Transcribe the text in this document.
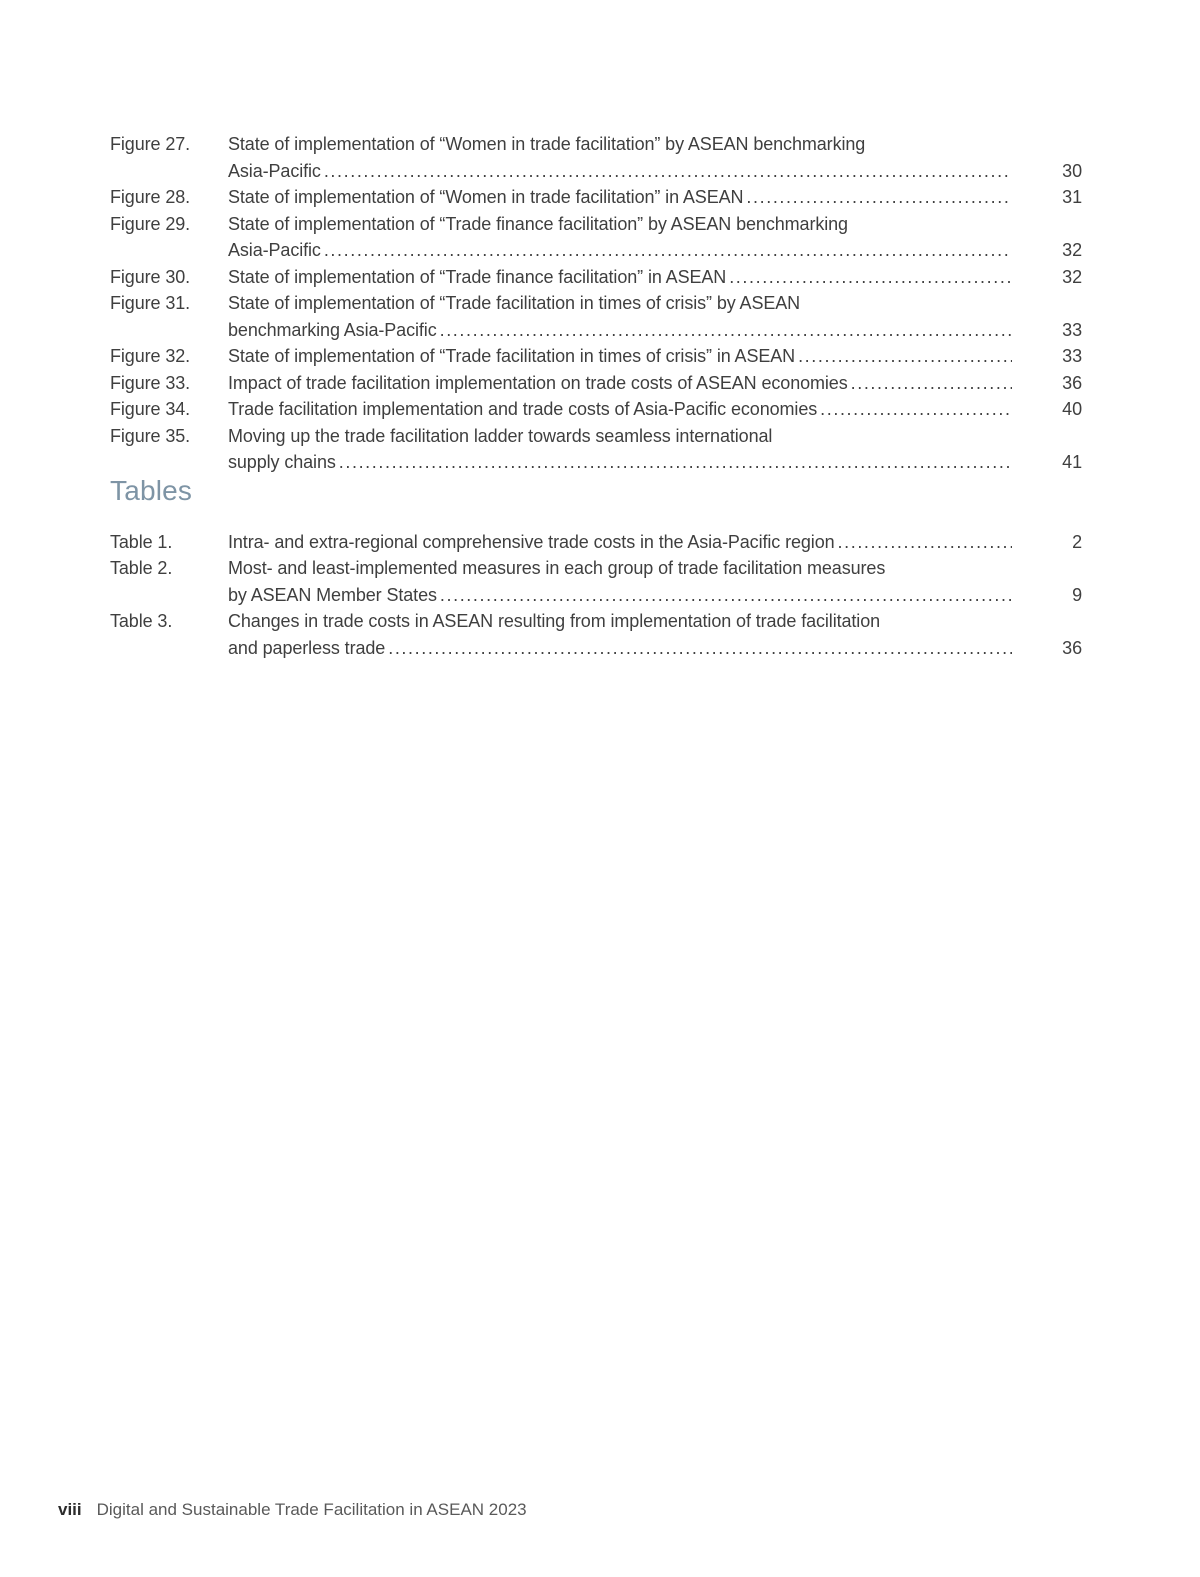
Figure 27.	State of implementation of “Women in trade facilitation” by ASEAN benchmarking
Asia-Pacific .....	30
Figure 28.	State of implementation of “Women in trade facilitation” in ASEAN .....	31
Figure 29.	State of implementation of “Trade finance facilitation” by ASEAN benchmarking
Asia-Pacific .....	32
Figure 30.	State of implementation of “Trade finance facilitation” in ASEAN .....	32
Figure 31.	State of implementation of “Trade facilitation in times of crisis” by ASEAN
benchmarking Asia-Pacific .....	33
Figure 32.	State of implementation of “Trade facilitation in times of crisis” in ASEAN .....	33
Figure 33.	Impact of trade facilitation implementation on trade costs of ASEAN economies .....	36
Figure 34.	Trade facilitation implementation and trade costs of Asia-Pacific economies .....	40
Figure 35.	Moving up the trade facilitation ladder towards seamless international
supply chains .....	41
Tables
Table 1.	Intra- and extra-regional comprehensive trade costs in the Asia-Pacific region .....	2
Table 2.	Most- and least-implemented measures in each group of trade facilitation measures
by ASEAN Member States .....	9
Table 3.	Changes in trade costs in ASEAN resulting from implementation of trade facilitation
and paperless trade .....	36
viii Digital and Sustainable Trade Facilitation in ASEAN 2023
